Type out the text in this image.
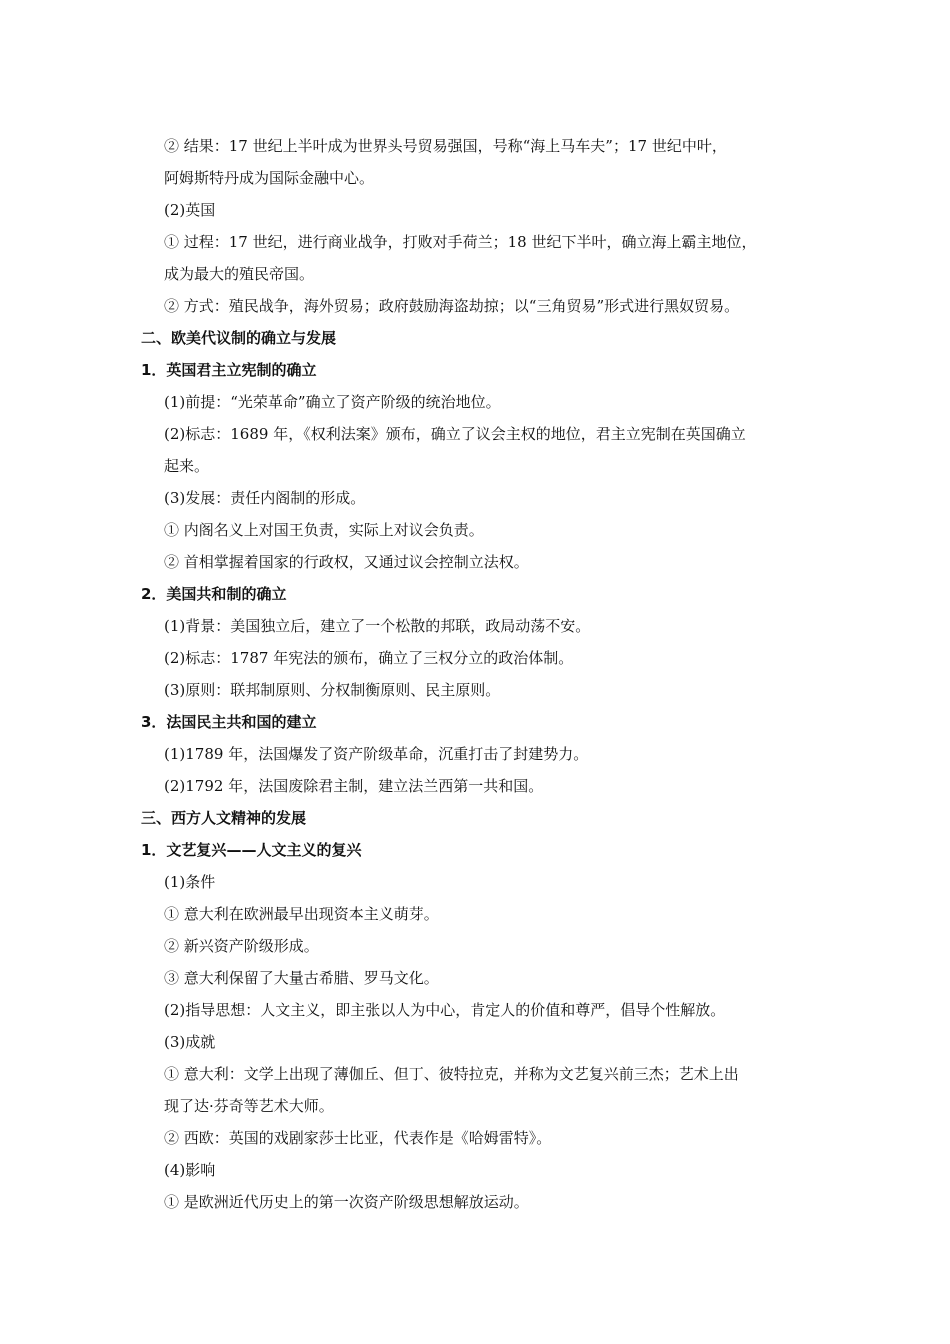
② 结果：17 世纪上半叶成为世界头号贸易强国，号称“海上马车夫”；17 世纪中叶，
阿姆斯特丹成为国际金融中心。
(2)英国
① 过程：17 世纪，进行商业战争，打败对手荷兰；18 世纪下半叶，确立海上霸主地位，
成为最大的殖民帝国。
② 方式：殖民战争，海外贸易；政府鼓励海盗劫掠；以“三角贸易”形式进行黑奴贸易。
二、欧美代议制的确立与发展
1．英国君主立宪制的确立
(1)前提：“光荣革命”确立了资产阶级的统治地位。
(2)标志：1689 年，《权利法案》颁布，确立了议会主权的地位，君主立宪制在英国确立
起来。
(3)发展：责任内阁制的形成。
① 内阁名义上对国王负责，实际上对议会负责。
② 首相掌握着国家的行政权，又通过议会控制立法权。
2．美国共和制的确立
(1)背景：美国独立后，建立了一个松散的邦联，政局动荡不安。
(2)标志：1787 年宪法的颁布，确立了三权分立的政治体制。
(3)原则：联邦制原则、分权制衡原则、民主原则。
3．法国民主共和国的建立
(1)1789 年，法国爆发了资产阶级革命，沉重打击了封建势力。
(2)1792 年，法国废除君主制，建立法兰西第一共和国。
三、西方人文精神的发展
1．文艺复兴——人文主义的复兴
(1)条件
① 意大利在欧洲最早出现资本主义萌芽。
② 新兴资产阶级形成。
③ 意大利保留了大量古希腊、罗马文化。
(2)指导思想：人文主义，即主张以人为中心，肯定人的价值和尊严，倡导个性解放。
(3)成就
① 意大利：文学上出现了薄伽丘、但丁、彼特拉克，并称为文艺复兴前三杰；艺术上出
现了达·芬奇等艺术大师。
② 西欧：英国的戏剧家莎士比亚，代表作是《哈姆雷特》。
(4)影响
① 是欧洲近代历史上的第一次资产阶级思想解放运动。
